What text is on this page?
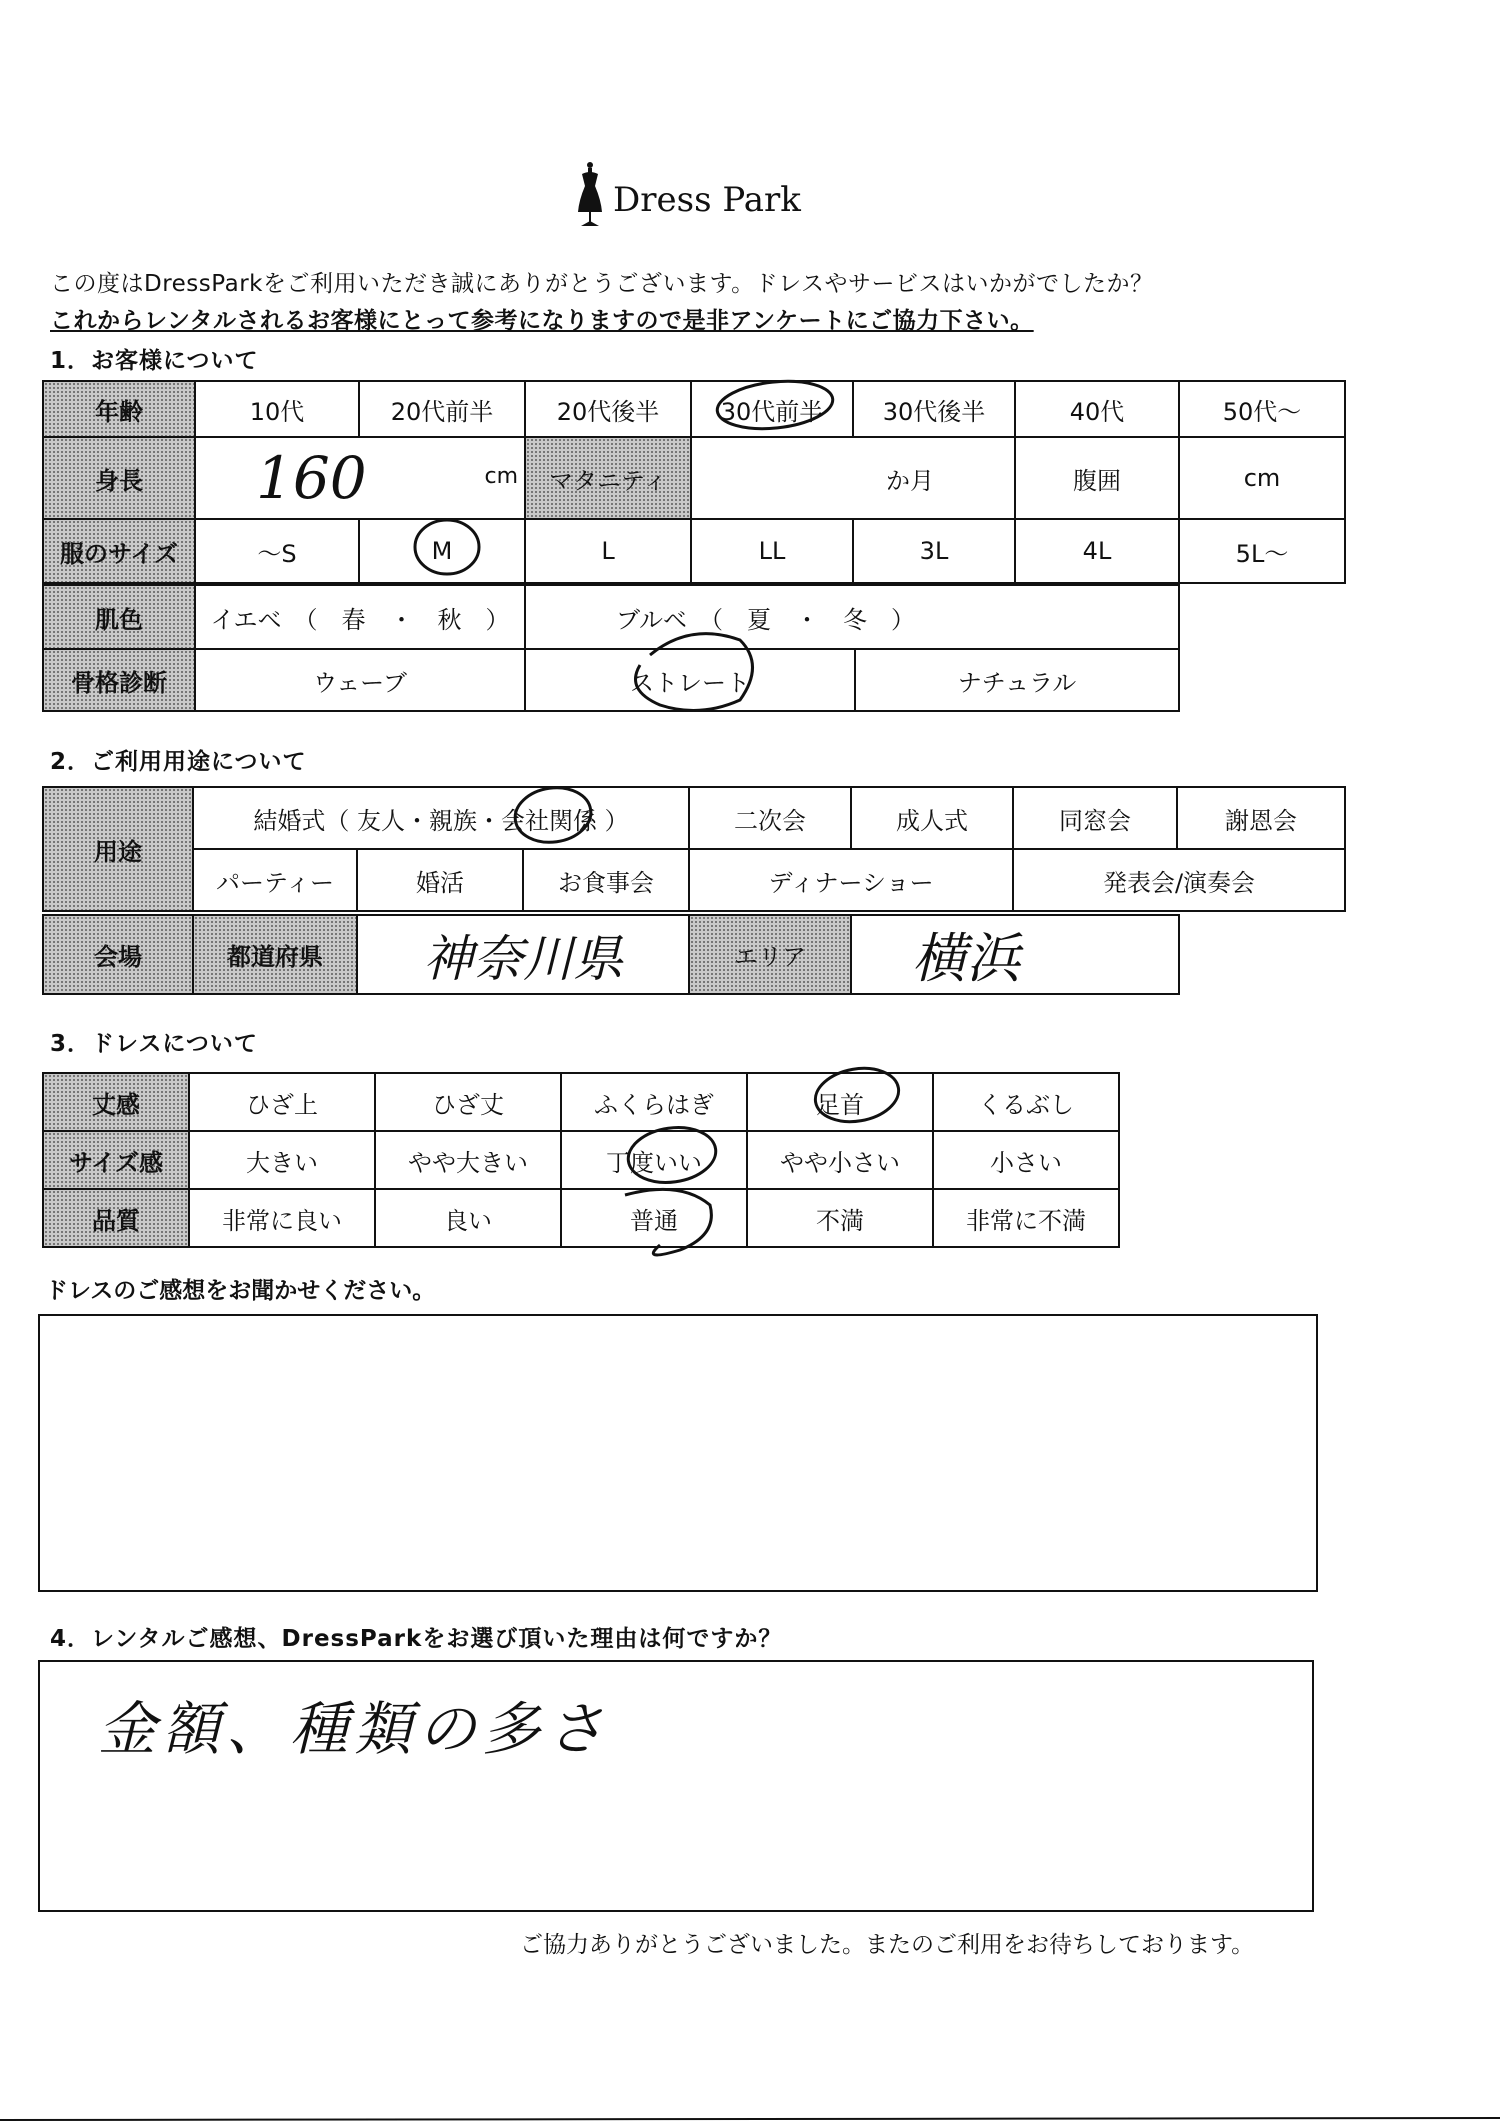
Dress Park
この度はDressParkをご利用いただき誠にありがとうございます。ドレスやサービスはいかがでしたか？
これからレンタルされるお客様にとって参考になりますので是非アンケートにご協力下さい。
1．お客様について
年齢	10代	20代前半	20代後半	30代前半	30代後半	40代	50代～
身長	160 cm		マタニティ	か月		腹囲	cm
服のサイズ	～S	M	L	LL	3L	4L	5L～
肌色	イエベ　（　春　・　秋　）	ブルベ　（　夏　・　冬　）	
骨格診断	ウェーブ	ストレート	ナチュラル
2．ご利用用途について
用途	結婚式（ 友人・親族・会社関係 ）			二次会	成人式	同窓会	謝恩会
	パーティー	婚活	お食事会	ディナーショー		発表会/演奏会	
会場	都道府県	神奈川県	エリア	横浜
3．ドレスについて
丈感	ひざ上	ひざ丈	ふくらはぎ	足首	くるぶし
サイズ感	大きい	やや大きい	丁度いい	やや小さい	小さい
品質	非常に良い	良い	普通	不満	非常に不満
ドレスのご感想をお聞かせください。
4．レンタルご感想、DressParkをお選び頂いた理由は何ですか？
金額、種類の多さ
ご協力ありがとうございました。またのご利用をお待ちしております。
